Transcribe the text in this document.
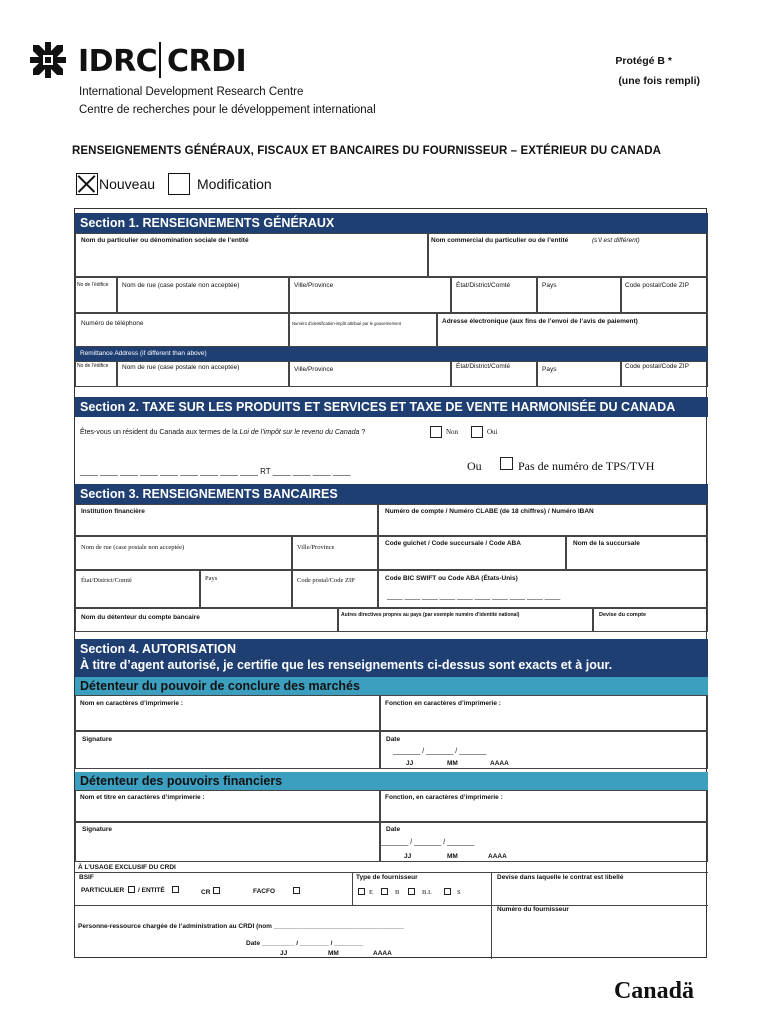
IDRC CRDI
International Development Research Centre
Centre de recherches pour le développement international
Protégé B *
(une fois rempli)
RENSEIGNEMENTS GÉNÉRAUX, FISCAUX ET BANCAIRES DU FOURNISSEUR – EXTÉRIEUR DU CANADA
Nouveau	Modification
Section 1. RENSEIGNEMENTS GÉNÉRAUX
Nom du particulier ou dénomination sociale de l’entité	Nom commercial du particulier ou de l’entité	(s’il est différent)
No de l’édifice Nom de rue (case postale non acceptée)	Ville/Province	État/District/Comté	Pays	Code postal/Code ZIP
Numéro de téléphone	Numéro d’identification-impôt attribué par le gouvernement	Adresse électronique (aux fins de l’envoi de l’avis de paiement)
Remittance Address (if different than above)
No de l’édifice Nom de rue (case postale non acceptée)	Ville/Province	État/District/Comté	Pays	Code postal/Code ZIP
Section 2. TAXE SUR LES PRODUITS ET SERVICES ET TAXE DE VENTE HARMONISÉE DU CANADA
Êtes-vous un résident du Canada aux termes de la Loi de l’impôt sur le revenu du Canada ?	Non	Oui
____ ____ ____ ____ ____ ____ ____ ____ ____ RT ____ ____ ____ ____	Ou	Pas de numéro de TPS/TVH
Section 3. RENSEIGNEMENTS BANCAIRES
Institution financière	Numéro de compte / Numéro CLABE (de 18 chiffres) / Numéro IBAN
Nom de rue (case postale non acceptée)	Ville/Province
Code guichet / Code succursale / Code ABA	Nom de la succursale
État/District/Comté	Pays	Code postal/Code ZIP	Code BIC SWIFT ou Code ABA (États-Unis)
____ ____ ____ ____ ____ ____ ____ ____ ____ ____
Nom du détenteur du compte bancaire	Autres directives propres au pays (par exemple numéro d’identité national)	Devise du compte
Section 4. AUTORISATION
À titre d’agent autorisé, je certifie que les renseignements ci-dessus sont exacts et à jour.
Détenteur du pouvoir de conclure des marchés
Nom en caractères d’imprimerie :	Fonction en caractères d’imprimerie :
Signature	Date
_______ / _______ / _______
JJ	MM	AAAA
Détenteur des pouvoirs financiers
Nom et titre en caractères d’imprimerie :	Fonction, en caractères d’imprimerie :
Signature	Date
_______ / _______ / _______
JJ	MM	AAAA
À L’USAGE EXCLUSIF DU CRDI
BSIF
PARTICULIER / ENTITÉ	CR	FACFO
Type de fournisseur
E	B	B.I.	S
Devise dans laquelle le contrat est libellé
Numéro du fournisseur
Personne-ressource chargée de l’administration au CRDI (nom ____________________________________
Date _________ / ________ / ________
JJ	MM	AAAA
Canadä
